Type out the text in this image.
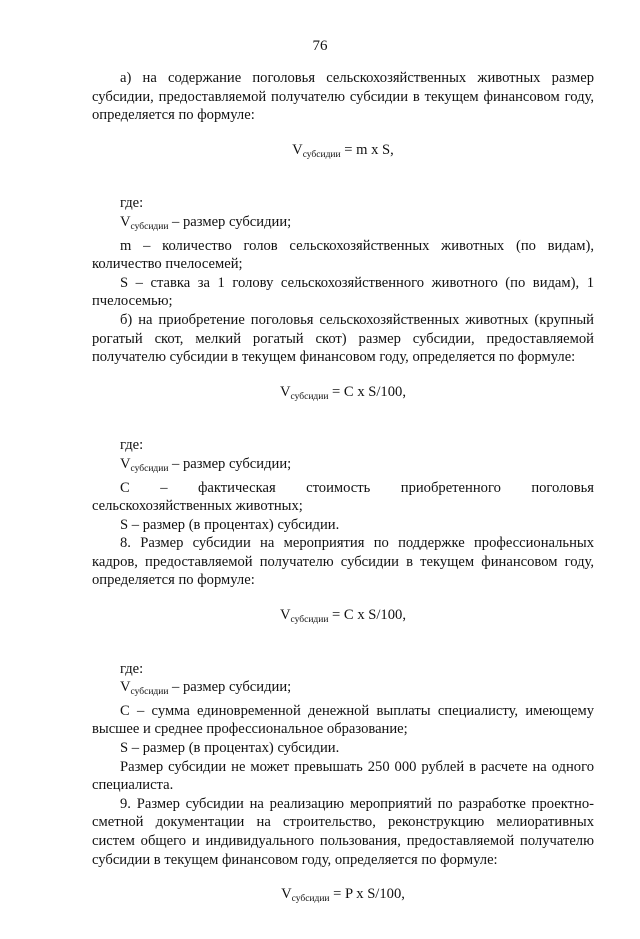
76

а) на содержание поголовья сельскохозяйственных животных размер субсидии, предоставляемой получателю субсидии в текущем финансовом году, определяется по формуле:

$V_{субсидии} = m$ x S,

где:

$V_{субсидии}$ – размер субсидии;

m – количество голов сельскохозяйственных животных (по видам), количество пчелосемей;

S – ставка за 1 голову сельскохозяйственного животного (по видам), 1 пчелосемью;

б) на приобретение поголовья сельскохозяйственных животных (крупный рогатый скот, мелкий рогатый скот) размер субсидии, предоставляемой получателю субсидии в текущем финансовом году, определяется по формуле:

$V_{субсидии} = C$ x S/100,

где:

$V_{субсидии}$ – размер субсидии;

С – фактическая стоимость приобретенного поголовья сельскохозяйственных животных;

S – размер (в процентах) субсидии.

8. Размер субсидии на мероприятия по поддержке профессиональных кадров, предоставляемой получателю субсидии в текущем финансовом году, определяется по формуле:

$V_{субсидии} = C$ x S/100,

где:

$V_{субсидии}$ – размер субсидии;

С – сумма единовременной денежной выплаты специалисту, имеющему высшее и среднее профессиональное образование;

S – размер (в процентах) субсидии.

Размер субсидии не может превышать 250 000 рублей в расчете на одного специалиста.

9. Размер субсидии на реализацию мероприятий по разработке проектно-сметной документации на строительство, реконструкцию мелиоративных систем общего и индивидуального пользования, предоставляемой получателю субсидии в текущем финансовом году, определяется по формуле:

$V_{субсидии} = P$ x S/100,
